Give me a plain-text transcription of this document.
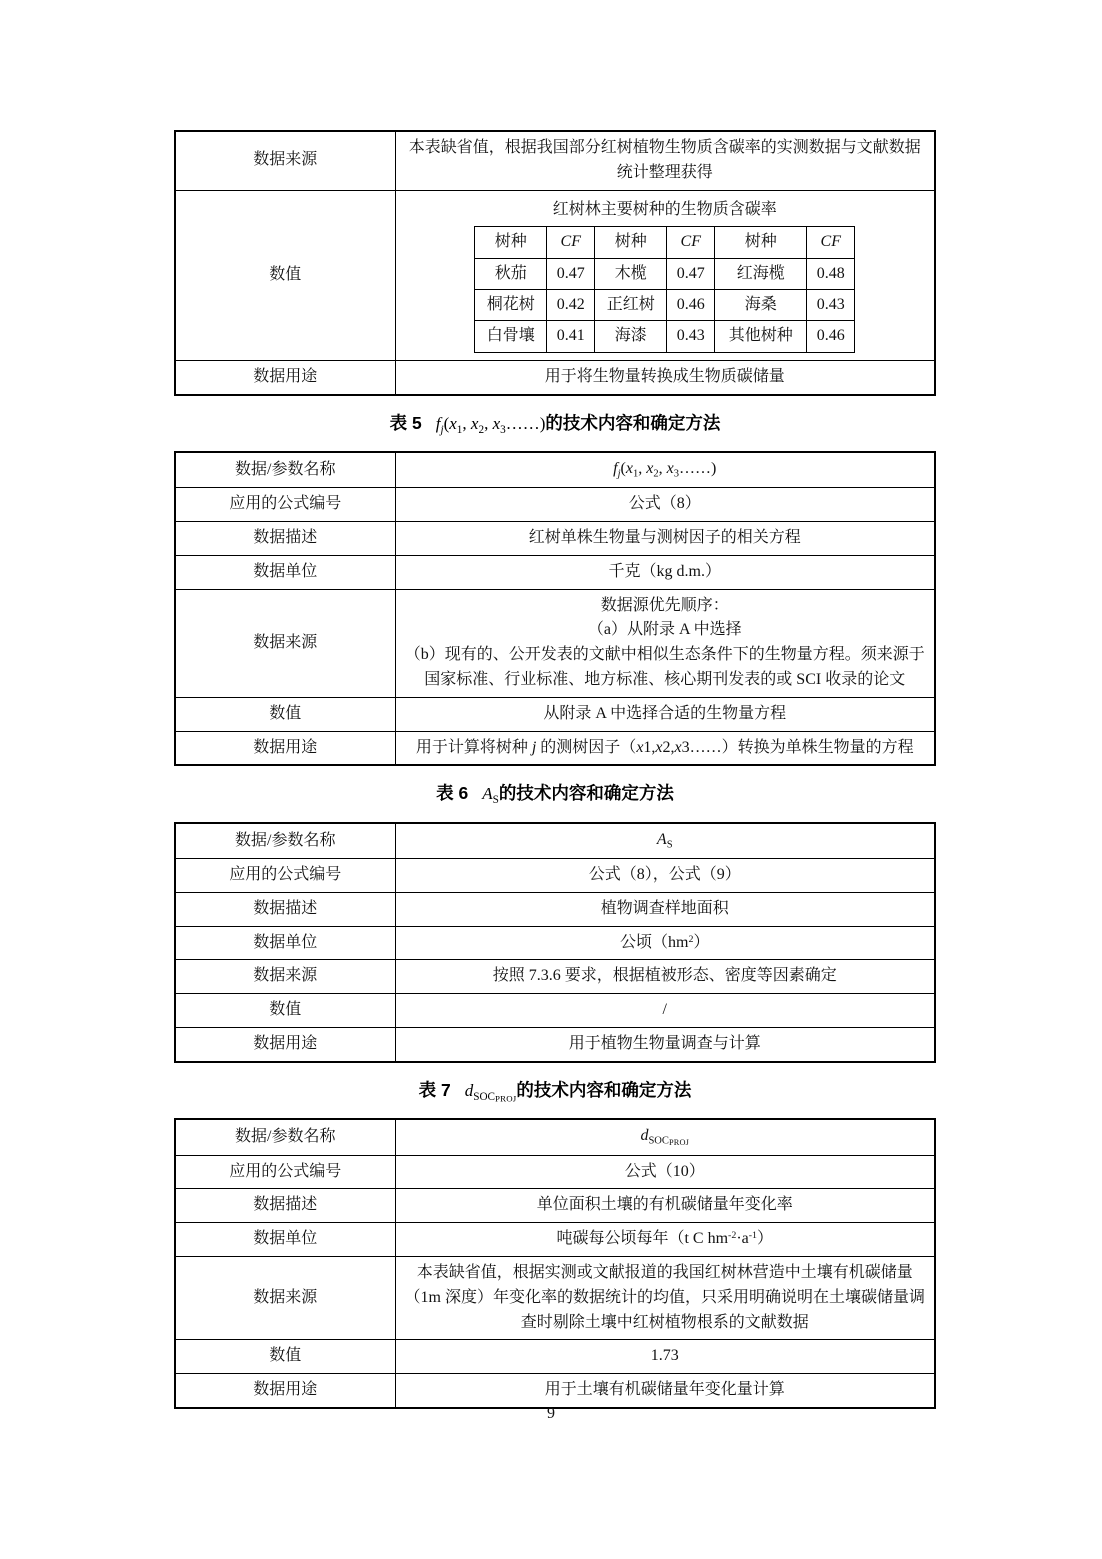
数据来源	本表缺省值，根据我国部分红树植物生物质含碳率的实测数据与文献数据统计整理获得
数值	
红树林主要树种的生物质含碳率
树种	CF	树种	CF	树种	CF
秋茄	0.47	木榄	0.47	红海榄	0.48
桐花树	0.42	正红树	0.46	海桑	0.43
白骨壤	0.41	海漆	0.43	其他树种	0.46

数据用途	用于将生物量转换成生物质碳储量
表 5 $f_j(x_1$, $x_2$, $x_3\dots\dots$)的技术内容和确定方法
数据/参数名称	$f_j(x_1$, $x_2$, $x_3\dots\dots$)
应用的公式编号	公式（8）
数据描述	红树单株生物量与测树因子的相关方程
数据单位	千克（kg d.m.）
数据来源	数据源优先顺序：
（a）从附录 A 中选择
（b）现有的、公开发表的文献中相似生态条件下的生物量方程。须来源于国家标准、行业标准、地方标准、核心期刊发表的或 SCI 收录的论文

数值	从附录 A 中选择合适的生物量方程
数据用途	用于计算将树种 j 的测树因子（x1,x2,x3……）转换为单株生物量的方程
表 6 $A_S$的技术内容和确定方法
数据/参数名称	$A_S$
应用的公式编号	公式（8），公式（9）
数据描述	植物调查样地面积
数据单位	公顷$(hm^2)$
数据来源	按照 7.3.6 要求，根据植被形态、密度等因素确定
数值	/
数据用途	用于植物生物量调查与计算
表 7 $d_{SOCPROJ}$的技术内容和确定方法
数据/参数名称	$d_{SOCPROJ}$
应用的公式编号	公式（10）
数据描述	单位面积土壤的有机碳储量年变化率
数据单位	吨碳每公顷每年（t C $hm^{-2}\cdot a^{-1}$）
数据来源	本表缺省值，根据实测或文献报道的我国红树林营造中土壤有机碳储量（1m 深度）年变化率的数据统计的均值，只采用明确说明在土壤碳储量调查时剔除土壤中红树植物根系的文献数据
数值	1.73
数据用途	用于土壤有机碳储量年变化量计算
9
